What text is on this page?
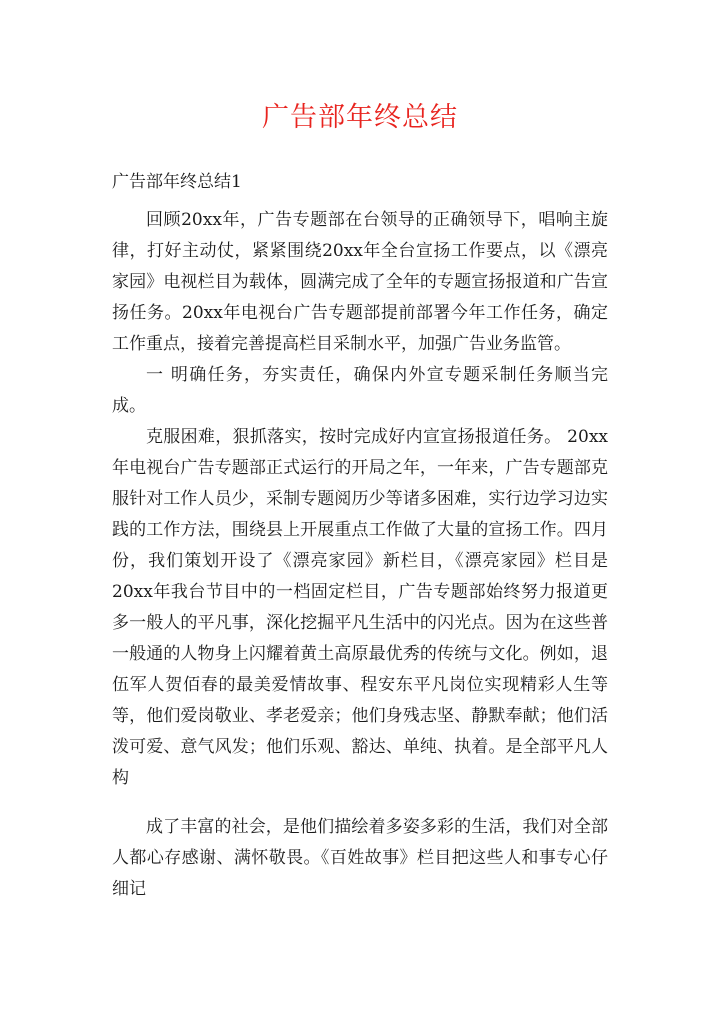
广告部年终总结

广告部年终总结1

回顾20xx年，广告专题部在台领导的正确领导下，唱响主旋律，打好主动仗，紧紧围绕20xx年全台宣扬工作要点，以《漂亮家园》电视栏目为载体，圆满完成了全年的专题宣扬报道和广告宣扬任务。20xx年电视台广告专题部提前部署今年工作任务，确定工作重点，接着完善提高栏目采制水平，加强广告业务监管。

一 明确任务，夯实责任，确保内外宣专题采制任务顺当完成。

克服困难，狠抓落实，按时完成好内宣宣扬报道任务。 20xx年电视台广告专题部正式运行的开局之年，一年来，广告专题部克服针对工作人员少，采制专题阅历少等诸多困难，实行边学习边实践的工作方法，围绕县上开展重点工作做了大量的宣扬工作。四月份，我们策划开设了《漂亮家园》新栏目，《漂亮家园》栏目是20xx年我台节目中的一档固定栏目，广告专题部始终努力报道更多一般人的平凡事，深化挖掘平凡生活中的闪光点。因为在这些普一般通的人物身上闪耀着黄土高原最优秀的传统与文化。例如，退伍军人贺佰春的最美爱情故事、程安东平凡岗位实现精彩人生等等，他们爱岗敬业、孝老爱亲；他们身残志坚、静默奉献；他们活泼可爱、意气风发；他们乐观、豁达、单纯、执着。是全部平凡人构

成了丰富的社会，是他们描绘着多姿多彩的生活，我们对全部人都心存感谢、满怀敬畏。《百姓故事》栏目把这些人和事专心仔细记
